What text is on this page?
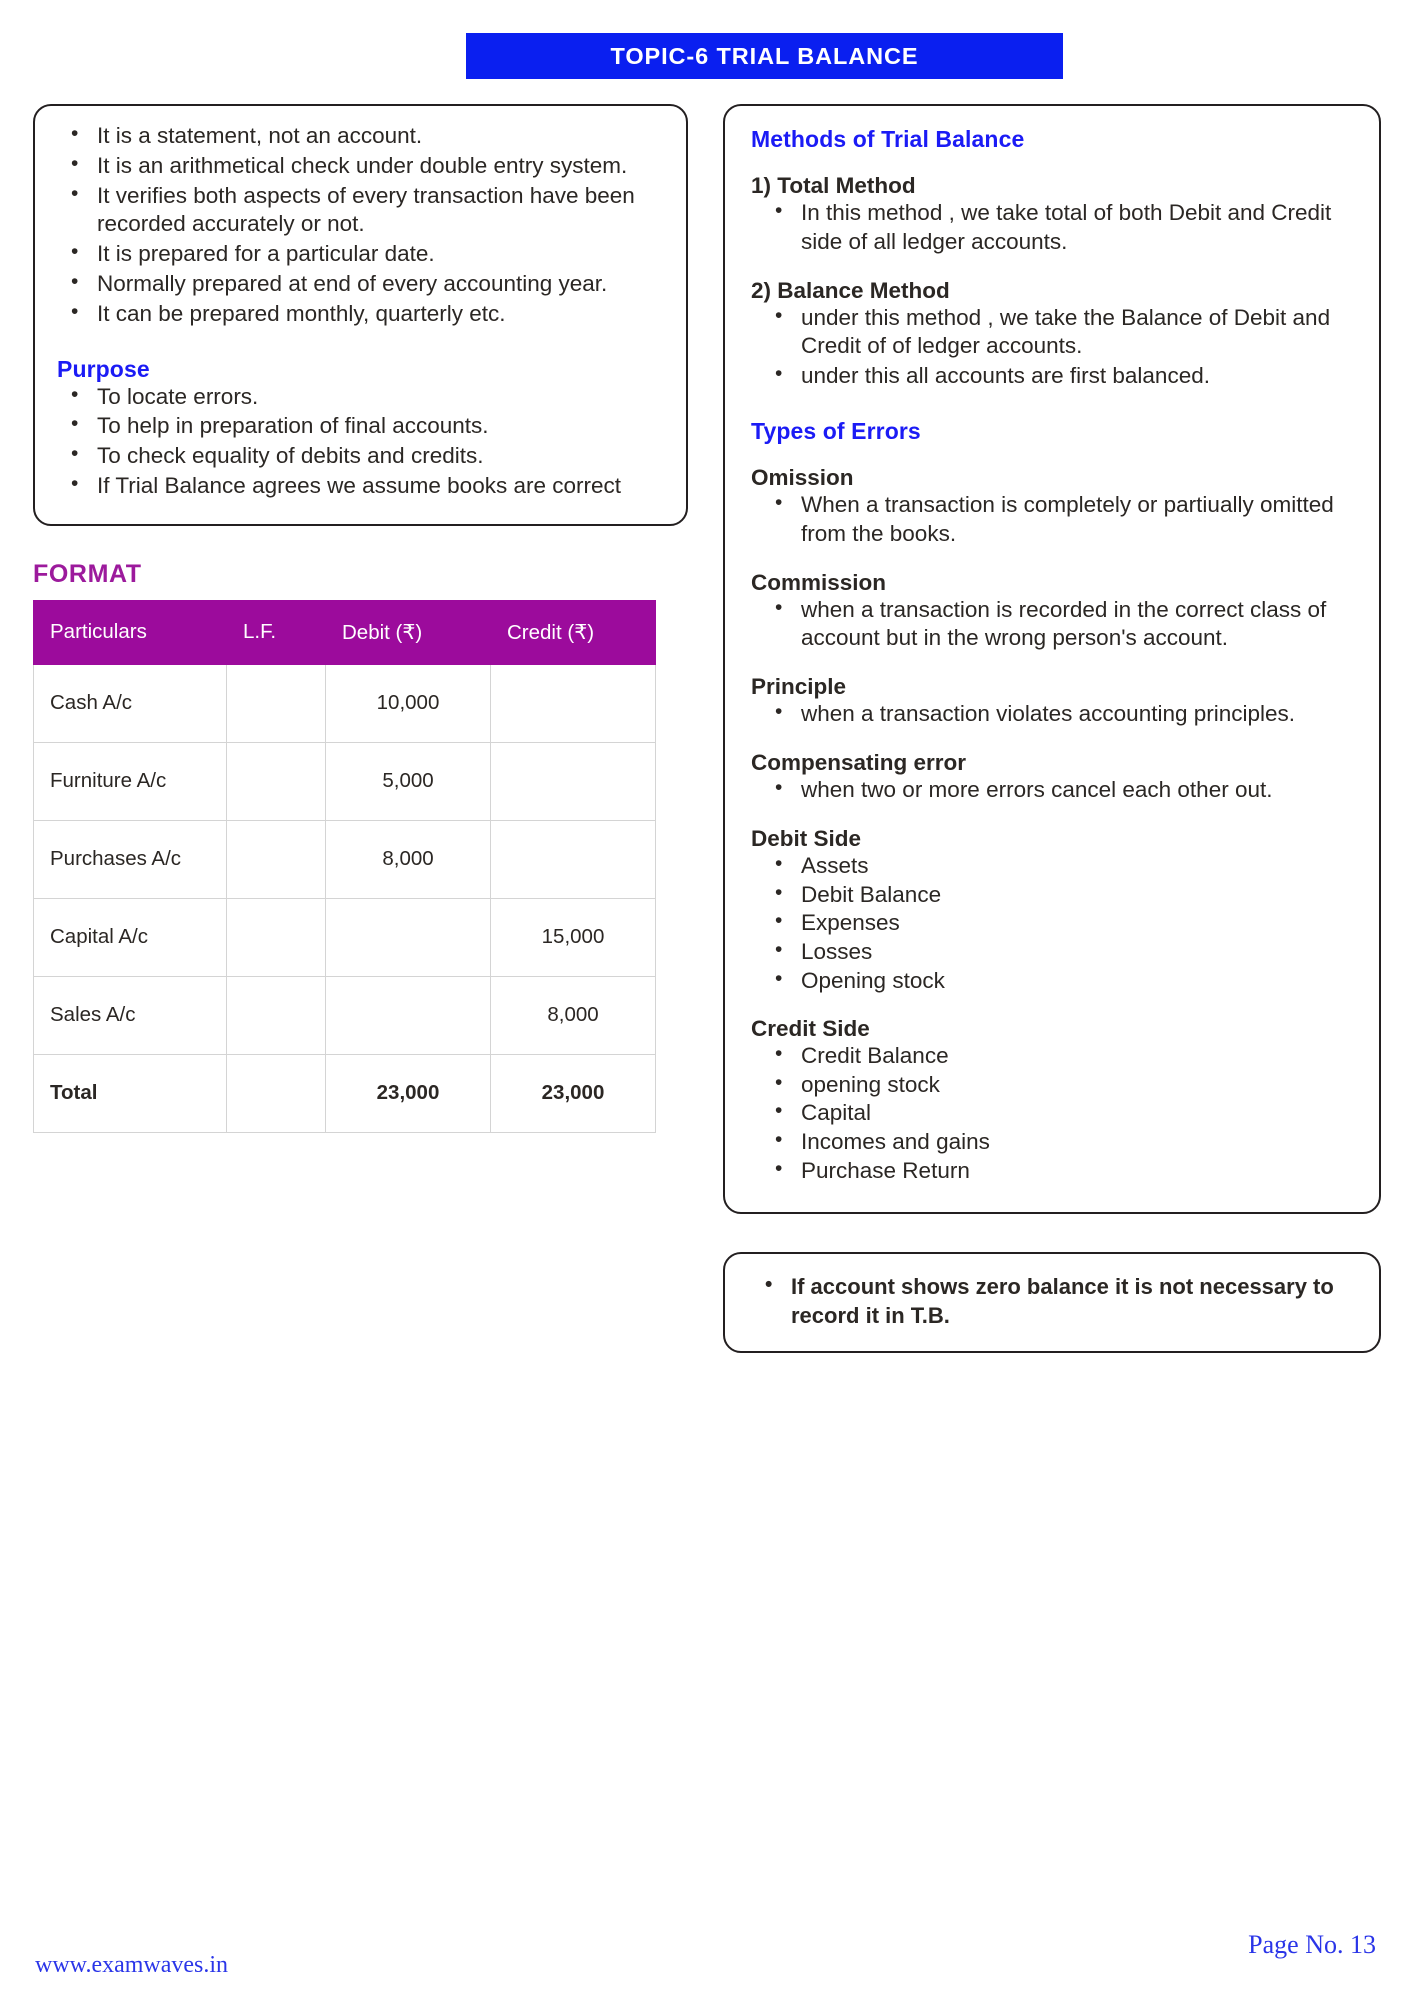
TOPIC-6 TRIAL BALANCE
• It is a statement, not an account.
• It is an arithmetical check under double entry system.
• It verifies both aspects of every transaction have been recorded accurately or not.
• It is prepared for a particular date.
• Normally prepared at end of every accounting year.
• It can be prepared monthly, quarterly etc.
Purpose
• To locate errors.
• To help in preparation of final accounts.
• To check equality of debits and credits.
• If Trial Balance agrees we assume books are correct
FORMAT
Particulars	L.F.	Debit (₹)	Credit (₹)
Cash A/c		10,000	
Furniture A/c		5,000	
Purchases A/c		8,000	
Capital A/c			15,000
Sales A/c			8,000
Total		23,000	23,000
Methods of Trial Balance
1) Total Method
• In this method , we take total of both Debit and Credit side of all ledger accounts.
2) Balance Method
• under this method , we take the Balance of Debit and Credit of of ledger accounts.
• under this all accounts are first balanced.
Types of Errors
Omission
• When a transaction is completely or partiually omitted from the books.
Commission
• when a transaction is recorded in the correct class of account but in the wrong person's account.
Principle
• when a transaction violates accounting principles.
Compensating error
• when two or more errors cancel each other out.
Debit Side
• Assets
• Debit Balance
• Expenses
• Losses
• Opening stock
Credit Side
• Credit Balance
• opening stock
• Capital
• Incomes and gains
• Purchase Return
• If account shows zero balance it is not necessary to record it in T.B.
www.examwaves.in
Page No. 13
